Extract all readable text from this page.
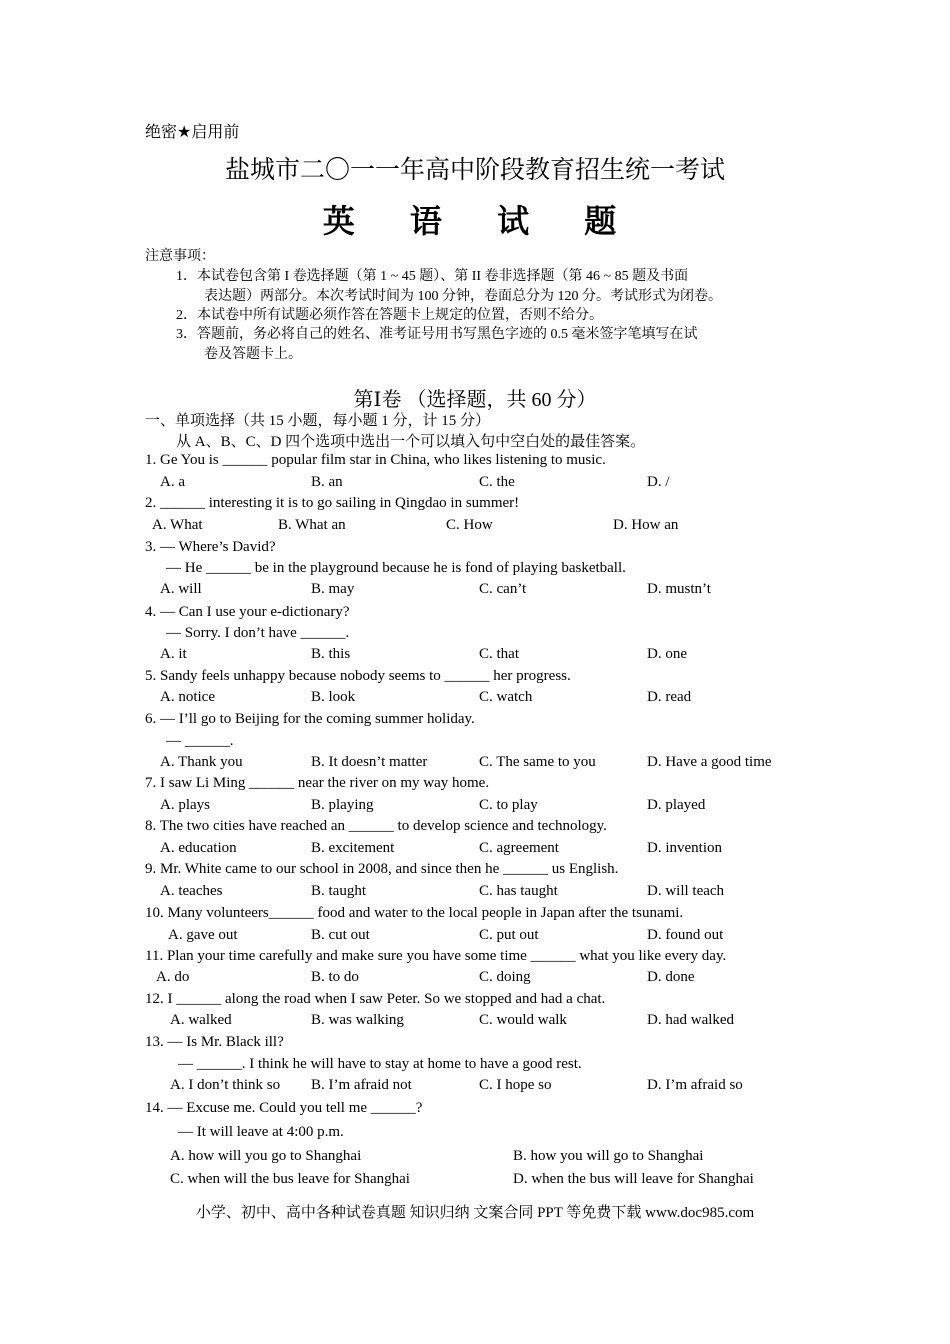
绝密★启用前
盐城市二〇一一年高中阶段教育招生统一考试
英 语 试 题
注意事项：
1．本试卷包含第 I 卷选择题（第 1 ~ 45 题）、第 II 卷非选择题（第 46 ~ 85 题及书面
表达题）两部分。本次考试时间为 100 分钟，卷面总分为 120 分。考试形式为闭卷。
2．本试卷中所有试题必须作答在答题卡上规定的位置，否则不给分。
3．答题前，务必将自己的姓名、准考证号用书写黑色字迹的 0.5 毫米签字笔填写在试
卷及答题卡上。
第Ⅰ卷 （选择题，共 60 分）
一、单项选择（共 15 小题，每小题 1 分，计 15 分）
从 A、B、C、D 四个选项中选出一个可以填入句中空白处的最佳答案。
1. Ge You is ______ popular film star in China, who likes listening to music.
A. a	B. an	C. the	D. /
2. ______ interesting it is to go sailing in Qingdao in summer!
A. What	B. What an	C. How	D. How an
3. — Where’s David?
— He ______ be in the playground because he is fond of playing basketball.
A. will	B. may	C. can’t	D. mustn’t
4. — Can I use your e-dictionary?
— Sorry. I don’t have ______.
A. it	B. this	C. that	D. one
5. Sandy feels unhappy because nobody seems to ______ her progress.
A. notice	B. look	C. watch	D. read
6. — I’ll go to Beijing for the coming summer holiday.
— ______.
A. Thank you	B. It doesn’t matter	C. The same to you	D. Have a good time
7. I saw Li Ming ______ near the river on my way home.
A. plays	B. playing	C. to play	D. played
8. The two cities have reached an ______ to develop science and technology.
A. education	B. excitement	C. agreement	D. invention
9. Mr. White came to our school in 2008, and since then he ______ us English.
A. teaches	B. taught	C. has taught	D. will teach
10. Many volunteers______ food and water to the local people in Japan after the tsunami.
A. gave out	B. cut out	C. put out	D. found out
11. Plan your time carefully and make sure you have some time ______ what you like every day.
A. do	B. to do	C. doing	D. done
12. I ______ along the road when I saw Peter. So we stopped and had a chat.
A. walked	B. was walking	C. would walk	D. had walked
13. — Is Mr. Black ill?
— ______. I think he will have to stay at home to have a good rest.
A. I don’t think so B. I’m afraid not	C. I hope so	D. I’m afraid so
14. — Excuse me. Could you tell me ______?
— It will leave at 4:00 p.m.
A. how will you go to Shanghai	B. how you will go to Shanghai
C. when will the bus leave for Shanghai	D. when the bus will leave for Shanghai
小学、初中、高中各种试卷真题 知识归纳 文案合同 PPT 等免费下载 www.doc985.com
